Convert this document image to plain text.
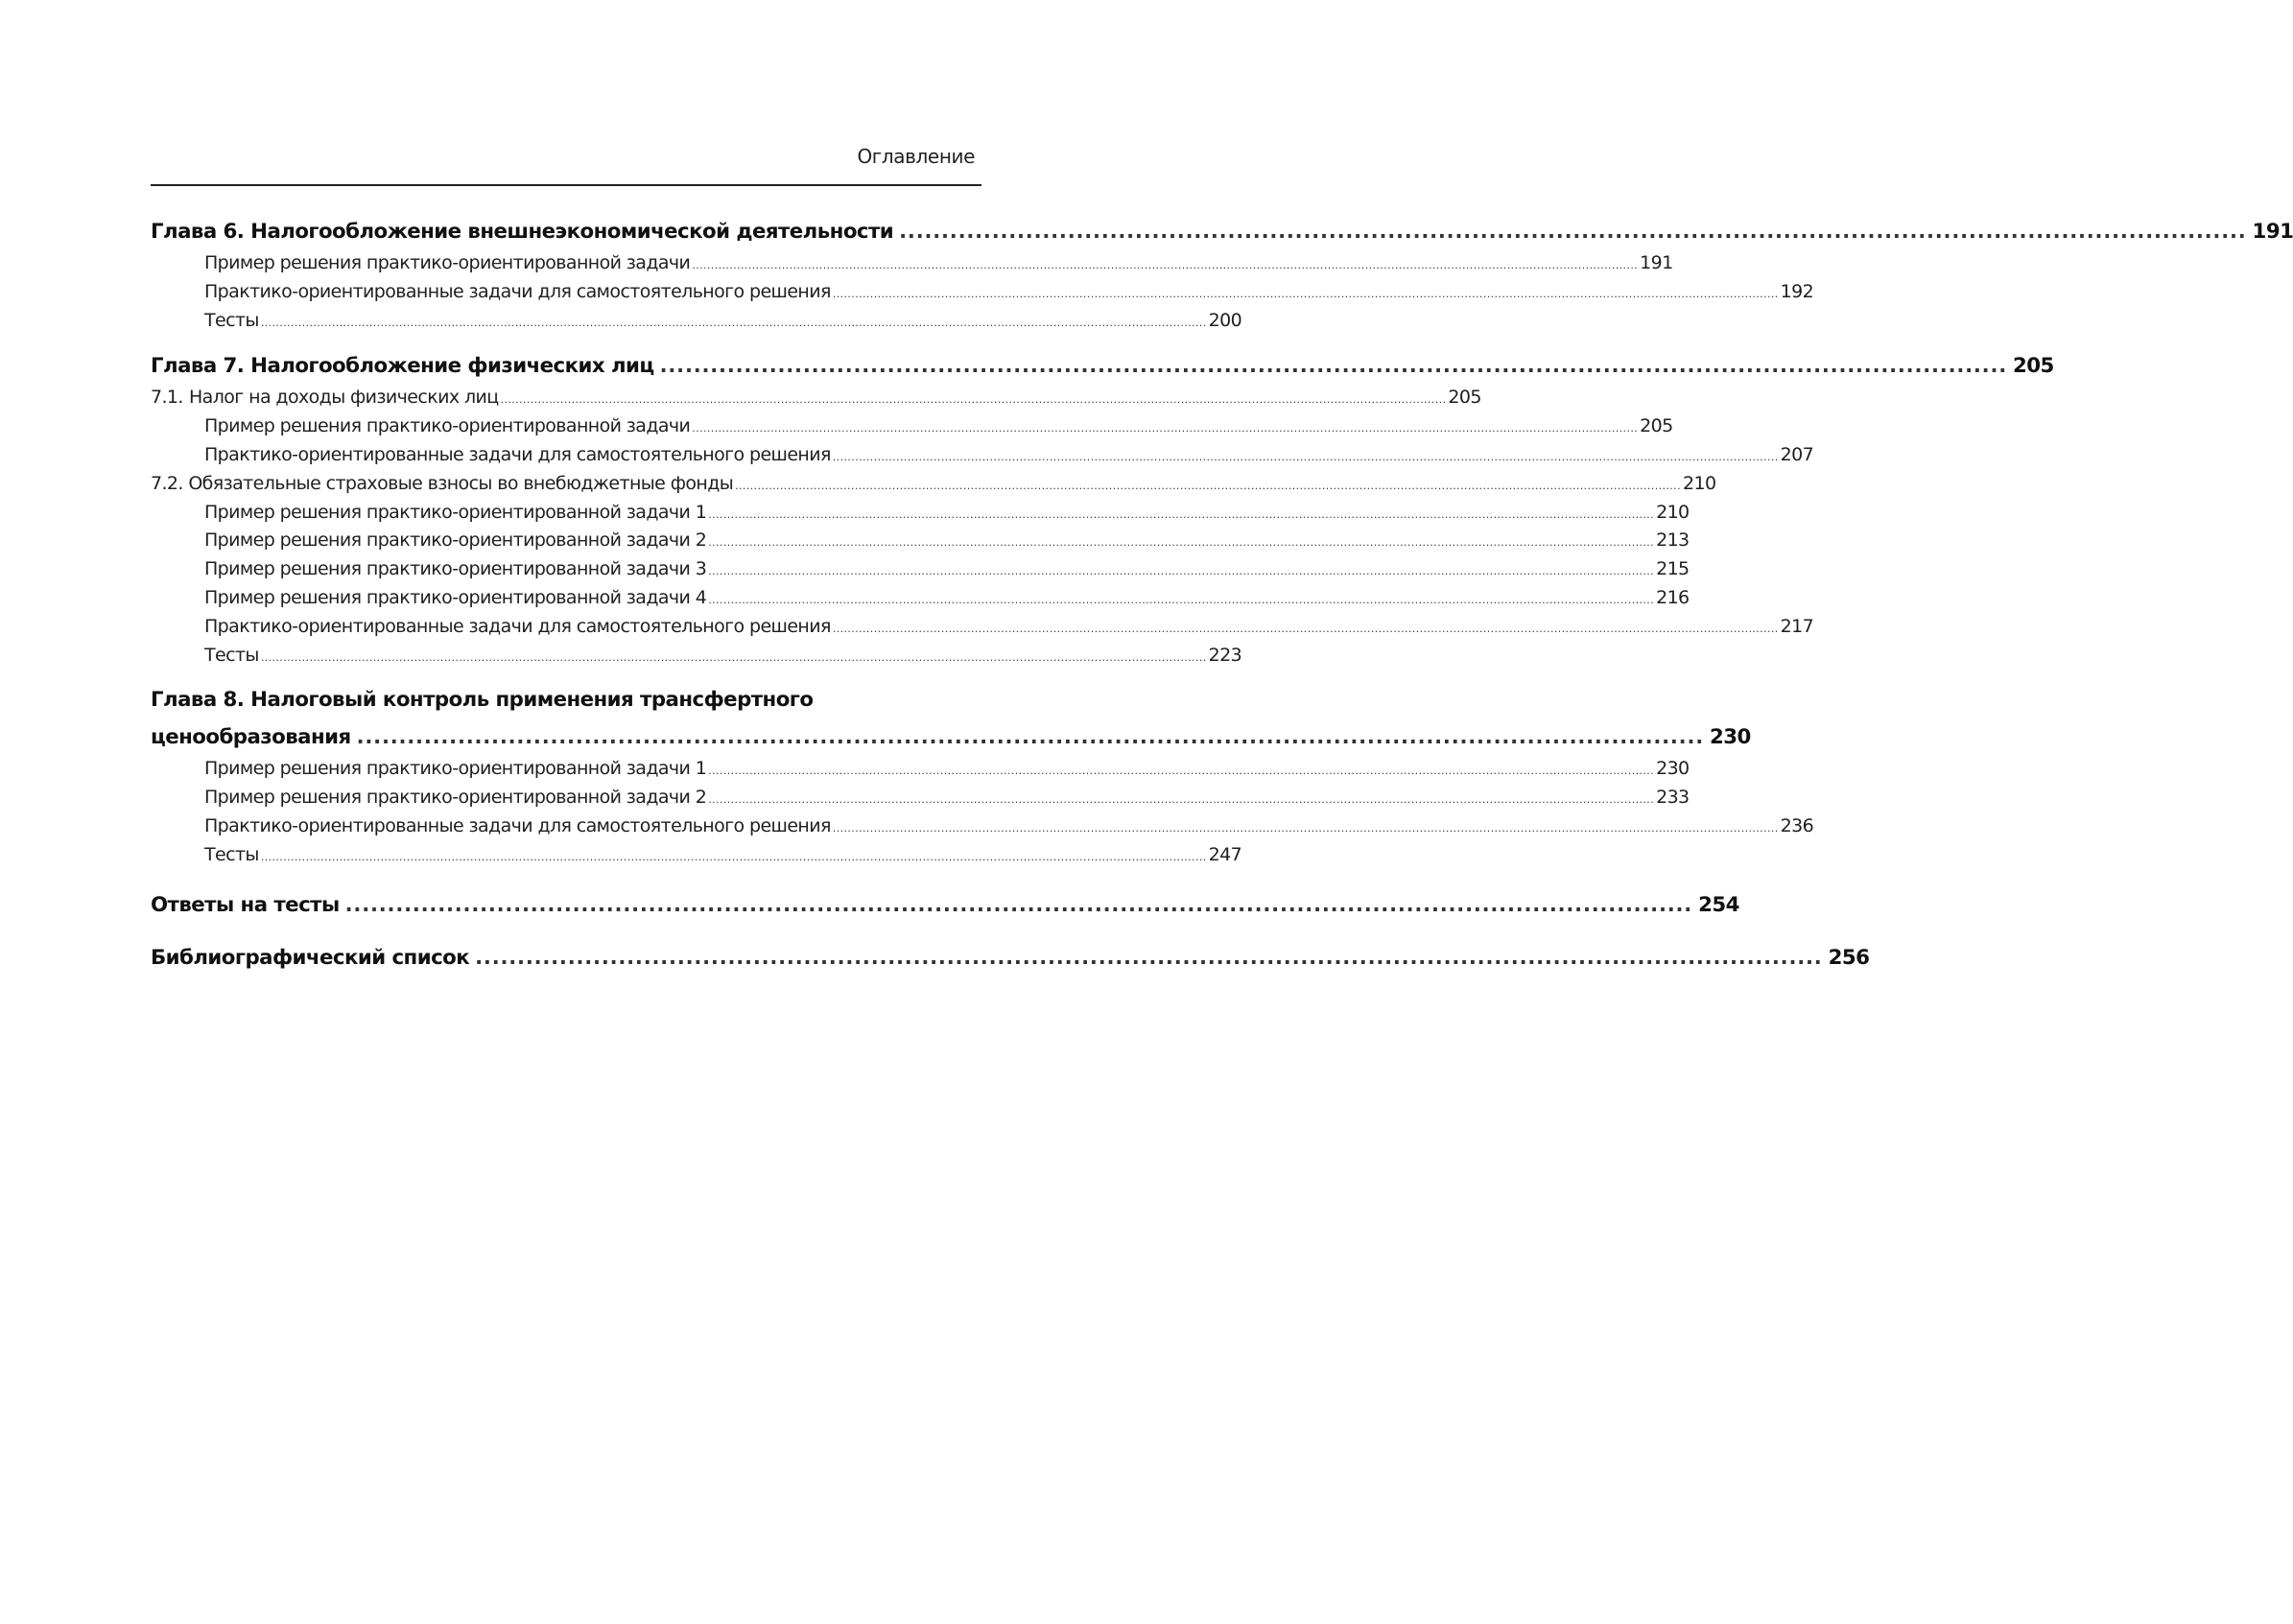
Оглавление
Глава 6. Налогообложение внешнеэкономической деятельности .....	191
Пример решения практико-ориентированной задачи .....	191
Практико-ориентированные задачи для самостоятельного решения .....	192
Тесты .....	200
Глава 7. Налогообложение физических лиц .....	205
7.1. Налог на доходы физических лиц .....	205
Пример решения практико-ориентированной задачи .....	205
Практико-ориентированные задачи для самостоятельного решения .....	207
7.2. Обязательные страховые взносы во внебюджетные фонды .....	210
Пример решения практико-ориентированной задачи 1 .....	210
Пример решения практико-ориентированной задачи 2 .....	213
Пример решения практико-ориентированной задачи 3 .....	215
Пример решения практико-ориентированной задачи 4 .....	216
Практико-ориентированные задачи для самостоятельного решения .....	217
Тесты .....	223
Глава 8. Налоговый контроль применения трансфертного
ценообразования .....	230
Пример решения практико-ориентированной задачи 1 .....	230
Пример решения практико-ориентированной задачи 2 .....	233
Практико-ориентированные задачи для самостоятельного решения .....	236
Тесты .....	247
Ответы на тесты .....	254
Библиографический список .....	256
